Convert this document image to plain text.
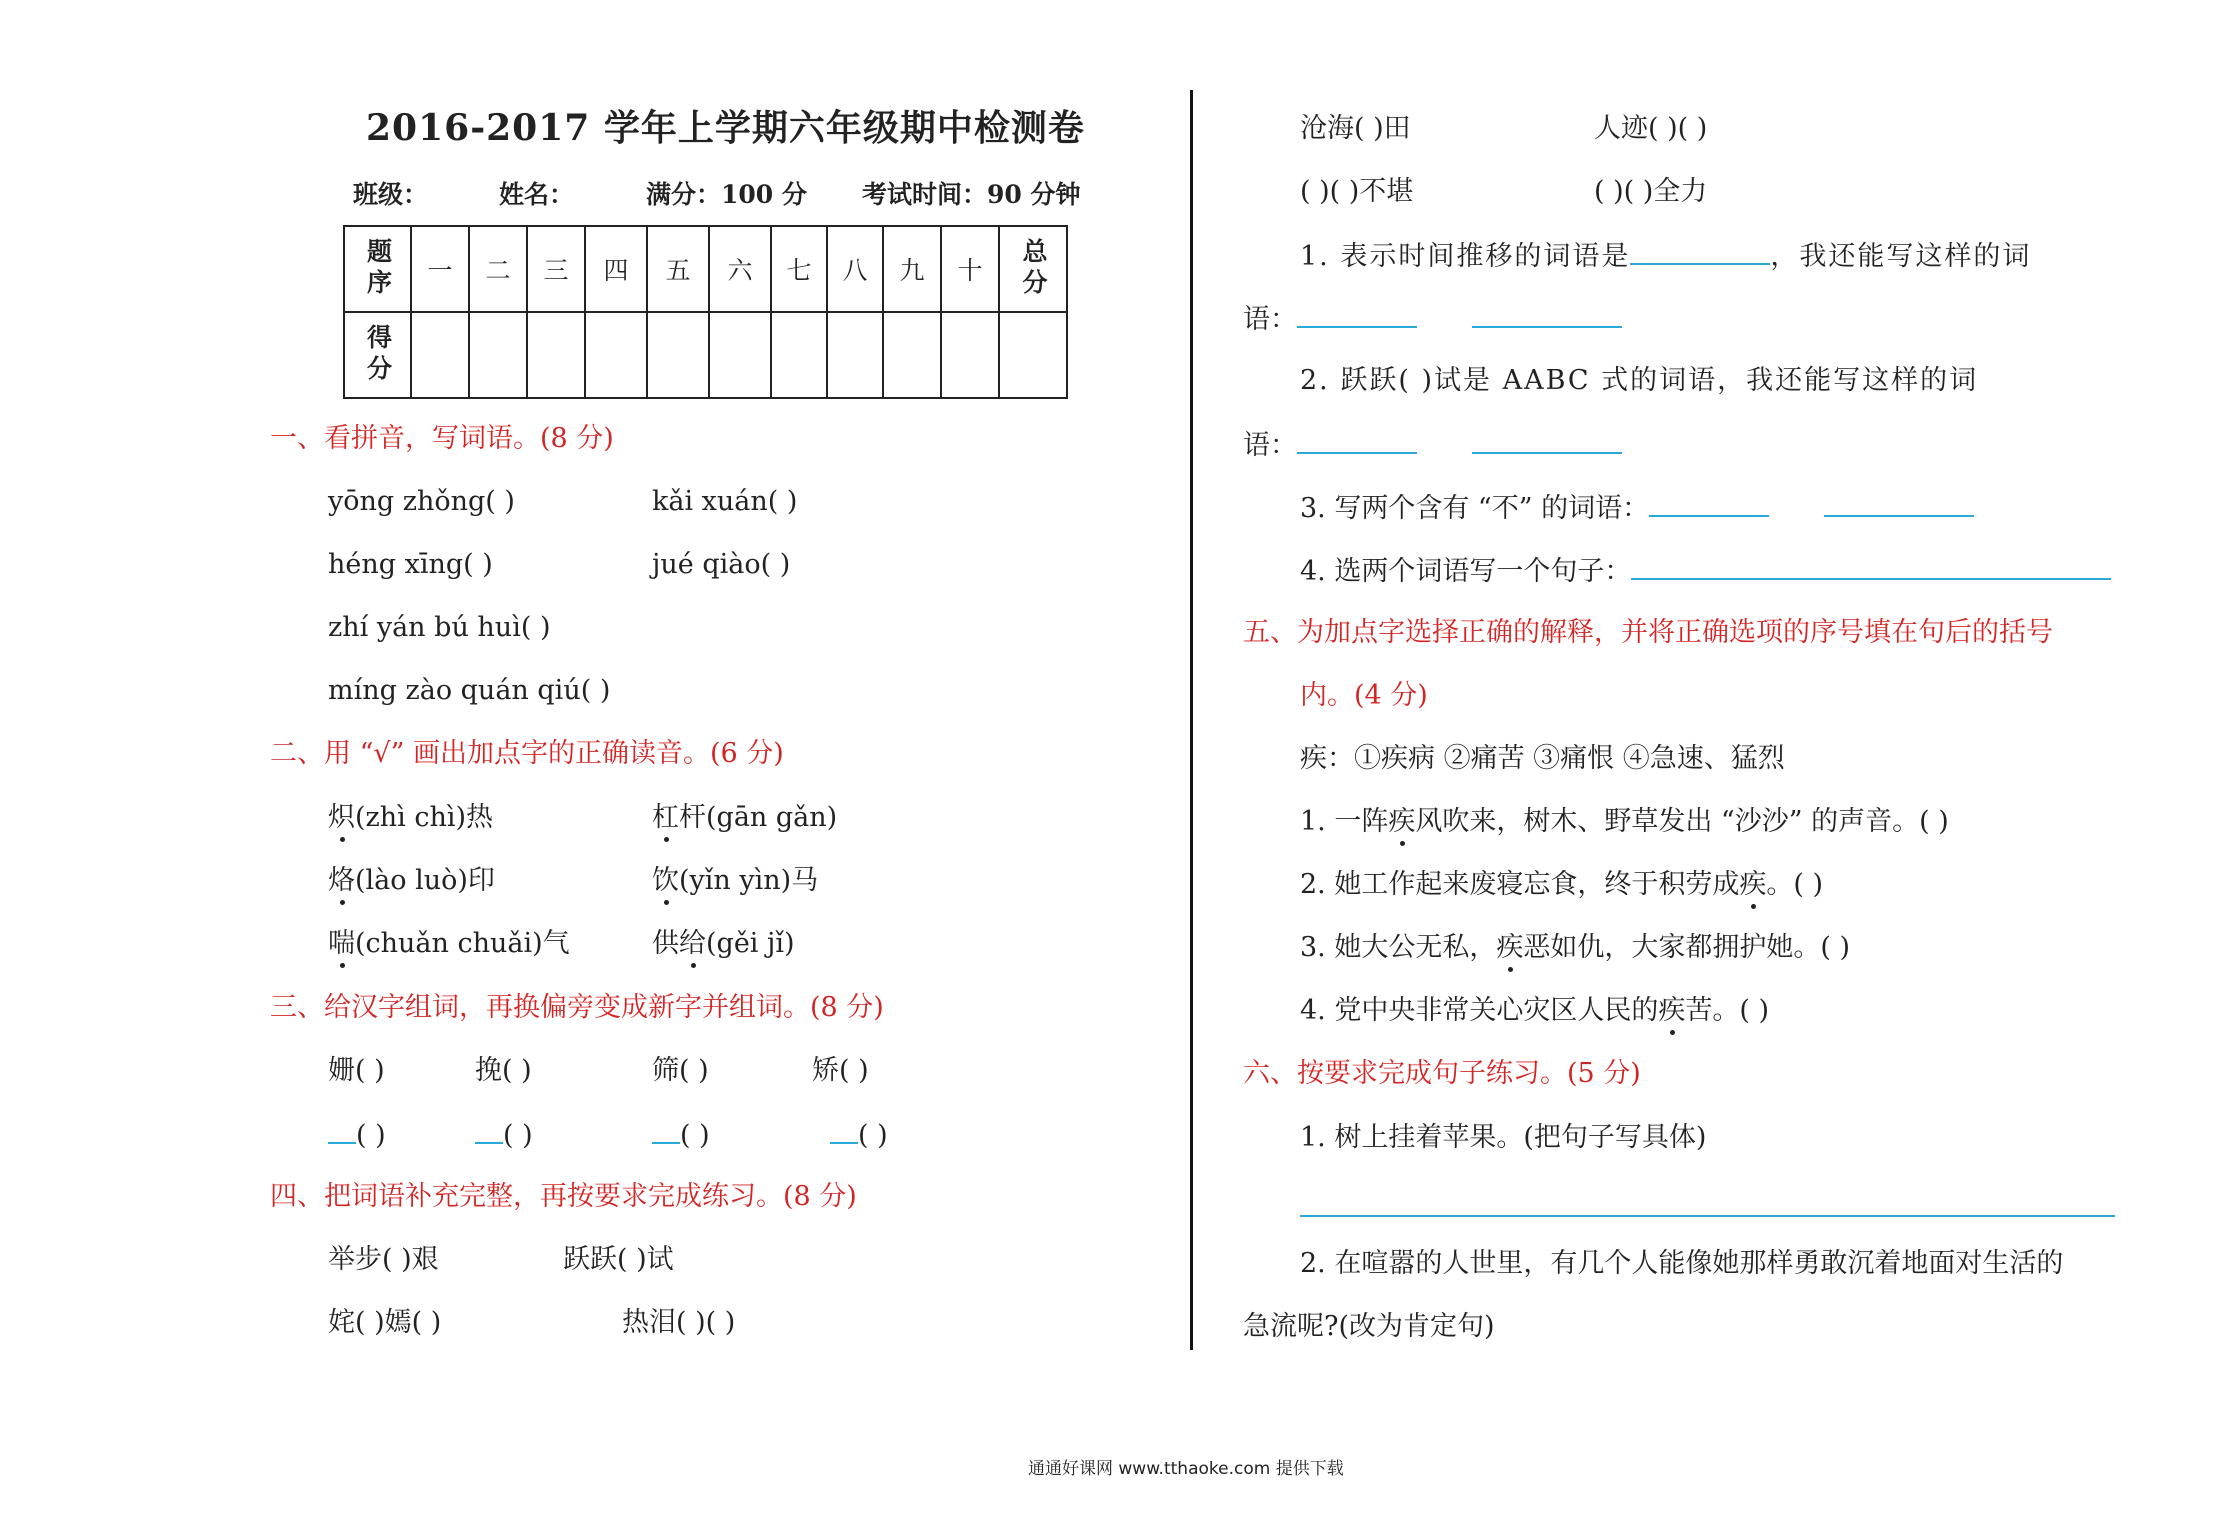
2016-2017 学年上学期六年级期中检测卷
班级：	姓名：	满分：100 分 考试时间：90 分钟
题序	一	二	三	四	五	六	七	八	九	十	总分
得分											
一、看拼音，写词语。(8 分)
yōng zhǒng( )	kǎi xuán( )
héng xīng( )	jué qiào( )
zhí yán bú huì( )
míng zào quán qiú( )
二、用 “√” 画出加点字的正确读音。(6 分)
炽(zhì chì)热	杠杆(gān gǎn)
烙(lào luò)印	饮(yǐn yìn)马
喘(chuǎn chuǎi)气	供给(gěi jǐ)
三、给汉字组词，再换偏旁变成新字并组词。(8 分)
姗( )	挽( )	筛( )	矫( )
( )	( )	( )	( )
四、把词语补充完整，再按要求完成练习。(8 分)
举步( )艰	跃跃( )试
姹( )嫣( )	热泪( )( )
沧海( )田	人迹( )( )
( )( )不堪	( )( )全力
1. 表示时间推移的词语是	，我还能写这样的词
语：
2. 跃跃( )试是 AABC 式的词语，我还能写这样的词
语：
3. 写两个含有 “不” 的词语：
4. 选两个词语写一个句子：
五、为加点字选择正确的解释，并将正确选项的序号填在句后的括号
内。(4 分)
疾：①疾病 ②痛苦 ③痛恨 ④急速、猛烈
1. 一阵疾风吹来，树木、野草发出 “沙沙” 的声音。( )
2. 她工作起来废寝忘食，终于积劳成疾。( )
3. 她大公无私，疾恶如仇，大家都拥护她。( )
4. 党中央非常关心灾区人民的疾苦。( )
六、按要求完成句子练习。(5 分)
1. 树上挂着苹果。(把句子写具体)
2. 在喧嚣的人世里，有几个人能像她那样勇敢沉着地面对生活的
急流呢?(改为肯定句)
通通好课网 www.tthaoke.com 提供下载
